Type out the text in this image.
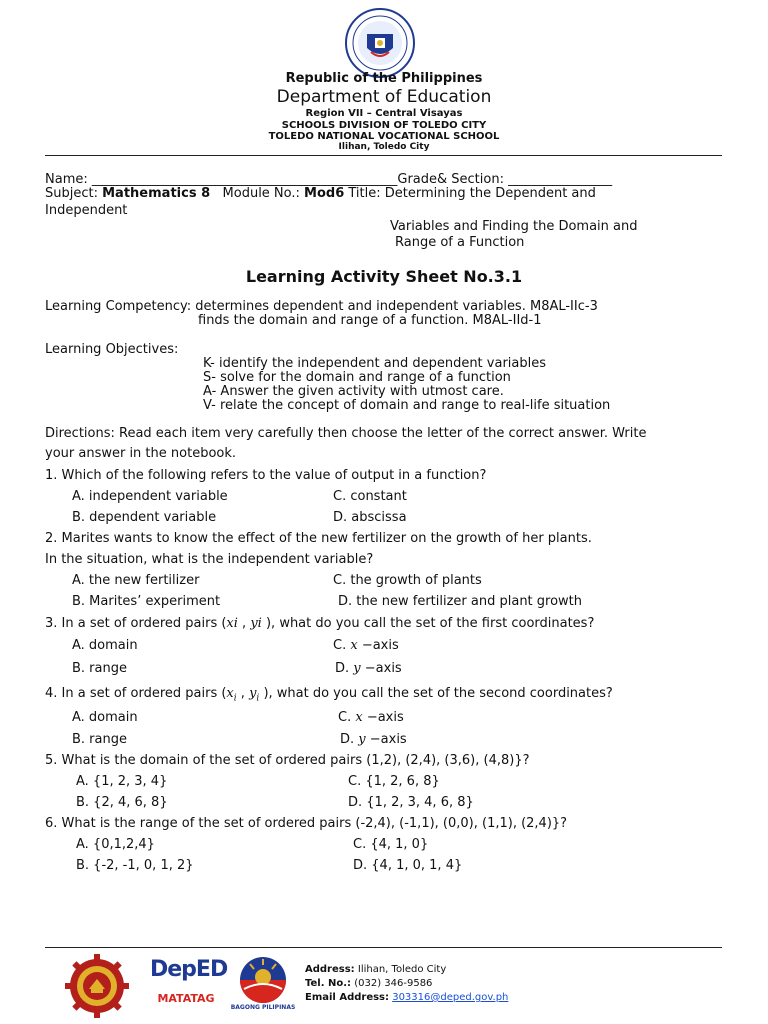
Republic of the Philippines
Department of Education
Region VII – Central Visayas
SCHOOLS DIVISION OF TOLEDO CITY
TOLEDO NATIONAL VOCATIONAL SCHOOL
Ilihan, Toledo City
Name: _______________________________________________Grade& Section: ________________
Subject: Mathematics 8 Module No.: Mod6 Title: Determining the Dependent and
Independent
Variables and Finding the Domain and
Range of a Function
Learning Activity Sheet No.3.1
Learning Competency: determines dependent and independent variables. M8AL-IIc-3
finds the domain and range of a function. M8AL-IId-1
Learning Objectives:
K- identify the independent and dependent variables
S- solve for the domain and range of a function
A- Answer the given activity with utmost care.
V- relate the concept of domain and range to real-life situation
Directions: Read each item very carefully then choose the letter of the correct answer. Write
your answer in the notebook.
1. Which of the following refers to the value of output in a function?
A. independent variable	C. constant
B. dependent variable	D. abscissa
2. Marites wants to know the effect of the new fertilizer on the growth of her plants.
In the situation, what is the independent variable?
A. the new fertilizer	C. the growth of plants
B. Marites’ experiment	D. the new fertilizer and plant growth
3. In a set of ordered pairs (xi , yi ), what do you call the set of the first coordinates?
A. domain	C. x −axis
B. range	D. y −axis
4. In a set of ordered pairs ($x_i$ , $y_i$ ), what do you call the set of the second coordinates?
A. domain	C. x −axis
B. range	D. y −axis
5. What is the domain of the set of ordered pairs (1,2), (2,4), (3,6), (4,8)}?
A. {1, 2, 3, 4}	C. {1, 2, 6, 8}
B. {2, 4, 6, 8}	D. {1, 2, 3, 4, 6, 8}
6. What is the range of the set of ordered pairs (-2,4), (-1,1), (0,0), (1,1), (2,4)}?
A. {0,1,2,4}	C. {4, 1, 0}
B. {-2, -1, 0, 1, 2}	D. {4, 1, 0, 1, 4}
DepED
MATATAG
BAGONG PILIPINAS
Address: Ilihan, Toledo City
Tel. No.: (032) 346-9586
Email Address: 303316@deped.gov.ph
